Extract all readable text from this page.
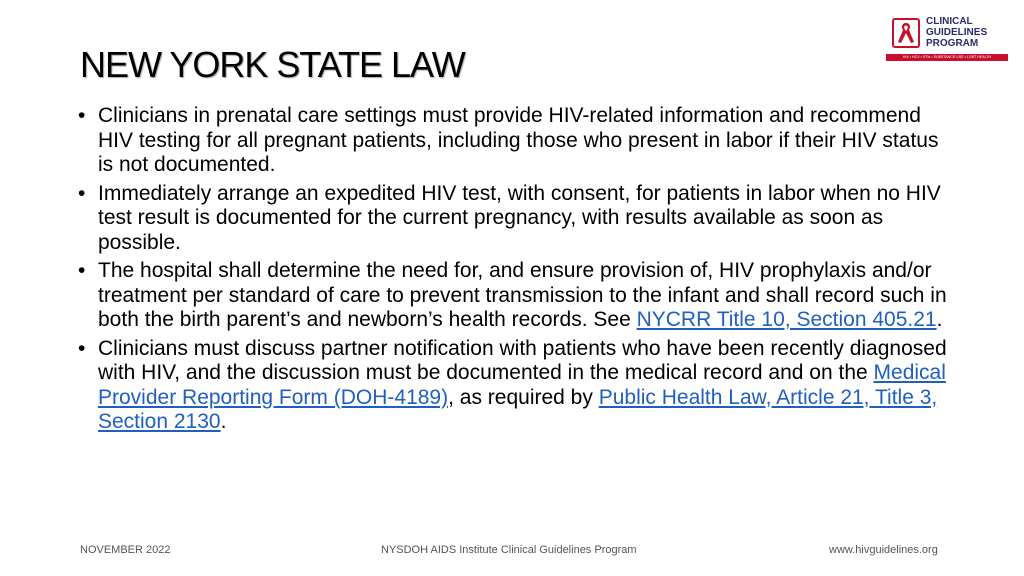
NEW YORK STATE LAW
CLINICAL
GUIDELINES
PROGRAM
HIV • HCV • STIs • SUBSTANCE USE • LGBT HEALTH
• Clinicians in prenatal care settings must provide HIV-related information and recommend HIV testing for all pregnant patients, including those who present in labor if their HIV status is not documented.
• Immediately arrange an expedited HIV test, with consent, for patients in labor when no HIV test result is documented for the current pregnancy, with results available as soon as possible.
• The hospital shall determine the need for, and ensure provision of, HIV prophylaxis and/or treatment per standard of care to prevent transmission to the infant and shall record such in both the birth parent’s and newborn’s health records. See NYCRR Title 10, Section 405.21.
• Clinicians must discuss partner notification with patients who have been recently diagnosed with HIV, and the discussion must be documented in the medical record and on the Medical Provider Reporting Form (DOH-4189), as required by Public Health Law, Article 21, Title 3, Section 2130.
NOVEMBER 2022	NYSDOH AIDS Institute Clinical Guidelines Program	www.hivguidelines.org
